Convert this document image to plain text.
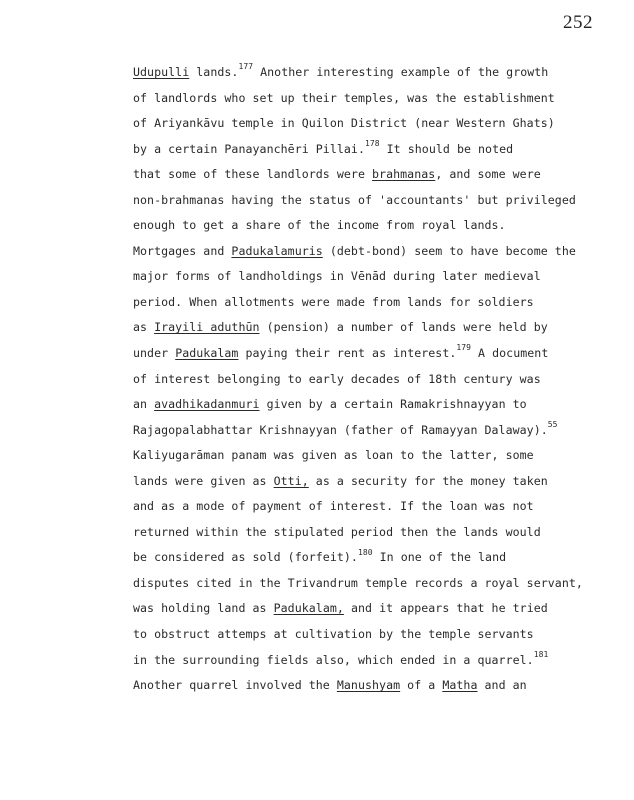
252
Udupulli lands.$^{177}$ Another interesting example of the growth
of landlords who set up their temples, was the establishment
of Ariyankāvu temple in Quilon District (near Western Ghats)
by a certain Panayanchēri Pillai.$^{178}$ It should be noted
that some of these landlords were brahmanas, and some were
non-brahmanas having the status of 'accountants' but privileged
enough to get a share of the income from royal lands.
Mortgages and Padukalamuris (debt-bond) seem to have become the
major forms of landholdings in Vēnād during later medieval
period. When allotments were made from lands for soldiers
as Irayili aduthūn (pension) a number of lands were held by
under Padukalam paying their rent as interest.$^{179}$ A document
of interest belonging to early decades of 18th century was
an avadhikadanmuri given by a certain Ramakrishnayyan to
Rajagopalabhattar Krishnayyan (father of Ramayyan Dalaway).$^{55}$
Kaliyugarāman panam was given as loan to the latter, some
lands were given as Otti, as a security for the money taken
and as a mode of payment of interest. If the loan was not
returned within the stipulated period then the lands would
be considered as sold (forfeit).$^{180}$ In one of the land
disputes cited in the Trivandrum temple records a royal servant,
was holding land as Padukalam, and it appears that he tried
to obstruct attemps at cultivation by the temple servants
in the surrounding fields also, which ended in a quarrel.$^{181}$
Another quarrel involved the Manushyam of a Matha and an
